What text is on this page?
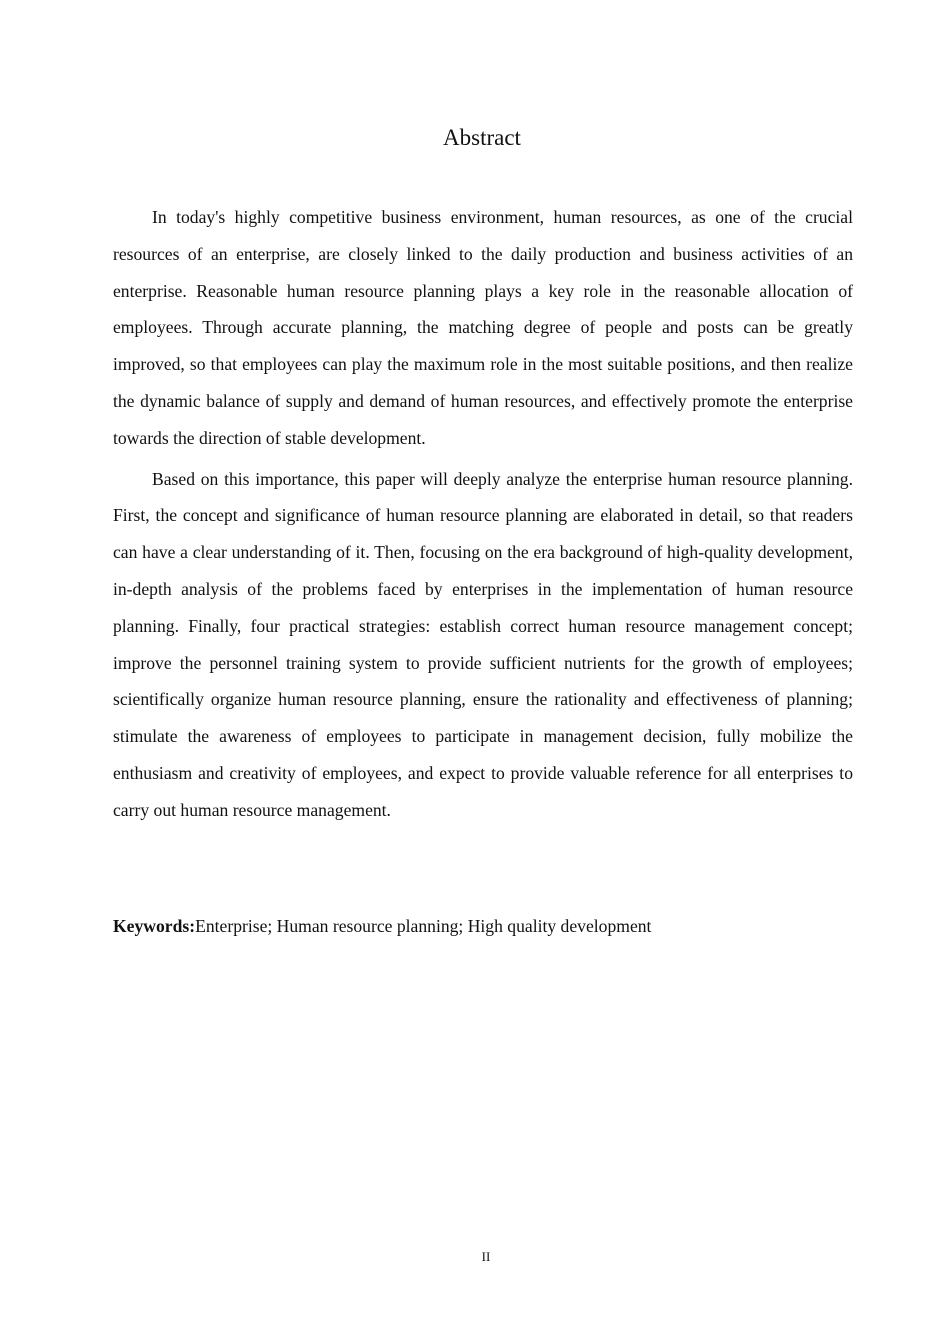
Abstract

In today's highly competitive business environment, human resources, as one of the crucial resources of an enterprise, are closely linked to the daily production and business activities of an enterprise. Reasonable human resource planning plays a key role in the reasonable allocation of employees. Through accurate planning, the matching degree of people and posts can be greatly improved, so that employees can play the maximum role in the most suitable positions, and then realize the dynamic balance of supply and demand of human resources, and effectively promote the enterprise towards the direction of stable development.

Based on this importance, this paper will deeply analyze the enterprise human resource planning. First, the concept and significance of human resource planning are elaborated in detail, so that readers can have a clear understanding of it. Then, focusing on the era background of high-quality development, in-depth analysis of the problems faced by enterprises in the implementation of human resource planning. Finally, four practical strategies: establish correct human resource management concept; improve the personnel training system to provide sufficient nutrients for the growth of employees; scientifically organize human resource planning, ensure the rationality and effectiveness of planning; stimulate the awareness of employees to participate in management decision, fully mobilize the enthusiasm and creativity of employees, and expect to provide valuable reference for all enterprises to carry out human resource management.

Keywords:Enterprise; Human resource planning; High quality development
II
